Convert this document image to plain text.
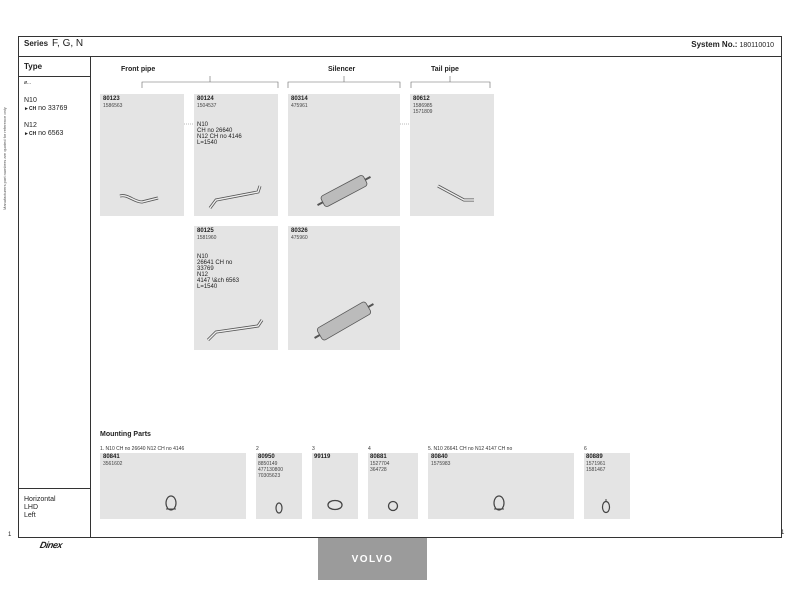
Series F, G, N	System No.: 180110010
Manufacturers part numbers are quoted for reference only
Type
ø...
N10
►CH no 33769
N12
►CH no 6563
Front pipe	Silencer	Tail pipe
80123
1586563
80124
1504537
N10
CH no 26640
N12 CH no 4146
L=1540
80314
475961
80612
1586985
1571809
80125
1581960
N10
26641 CH no
33769
N12
4147 \&ch 6563
L=1540
80326
475960
Mounting Parts
1. N10 CH no 26640 N12 CH no 4146
80841
3561602
2
80950
8850149
477130800
70305623
3
99119
4
80881
1527704
364728
5. N10 26641 CH no N12 4147 CH no
80840
1575983
6
80889
1571961
1581467
Horizontal
LHD
Left
1	1
Dinex
VOLVO
